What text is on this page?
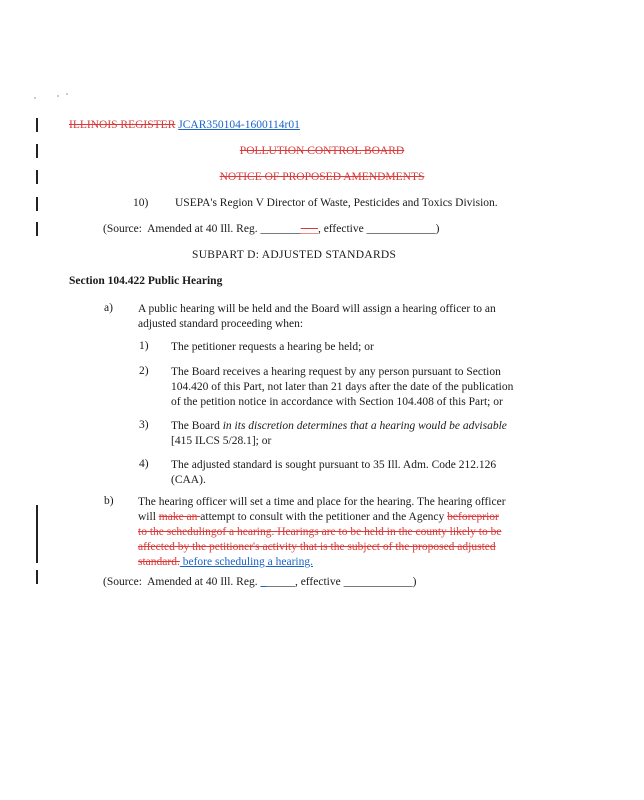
ILLINOIS REGISTER JCAR350104-1600114r01
POLLUTION CONTROL BOARD
NOTICE OF PROPOSED AMENDMENTS
10) USEPA's Region V Director of Waste, Pesticides and Toxics Division.
(Source:  Amended at 40 Ill. Reg. __________, effective ____________)
SUBPART D: ADJUSTED STANDARDS
Section 104.422 Public Hearing
a) A public hearing will be held and the Board will assign a hearing officer to an adjusted standard proceeding when:
1)	The petitioner requests a hearing be held; or
2)	The Board receives a hearing request by any person pursuant to Section 104.420 of this Part, not later than 21 days after the date of the publication of the petition notice in accordance with Section 104.408 of this Part; or
3)	The Board in its discretion determines that a hearing would be advisable [415 ILCS 5/28.1]; or
4)	The adjusted standard is sought pursuant to 35 Ill. Adm. Code 212.126 (CAA).
b) The hearing officer will set a time and place for the hearing. The hearing officer will make an attempt to consult with the petitioner and the Agency beforeprior to the schedulingof a hearing. Hearings are to be held in the county likely to be affected by the petitioner's activity that is the subject of the proposed adjusted standard. before scheduling a hearing.
(Source:  Amended at 40 Ill. Reg. ______, effective ____________)
